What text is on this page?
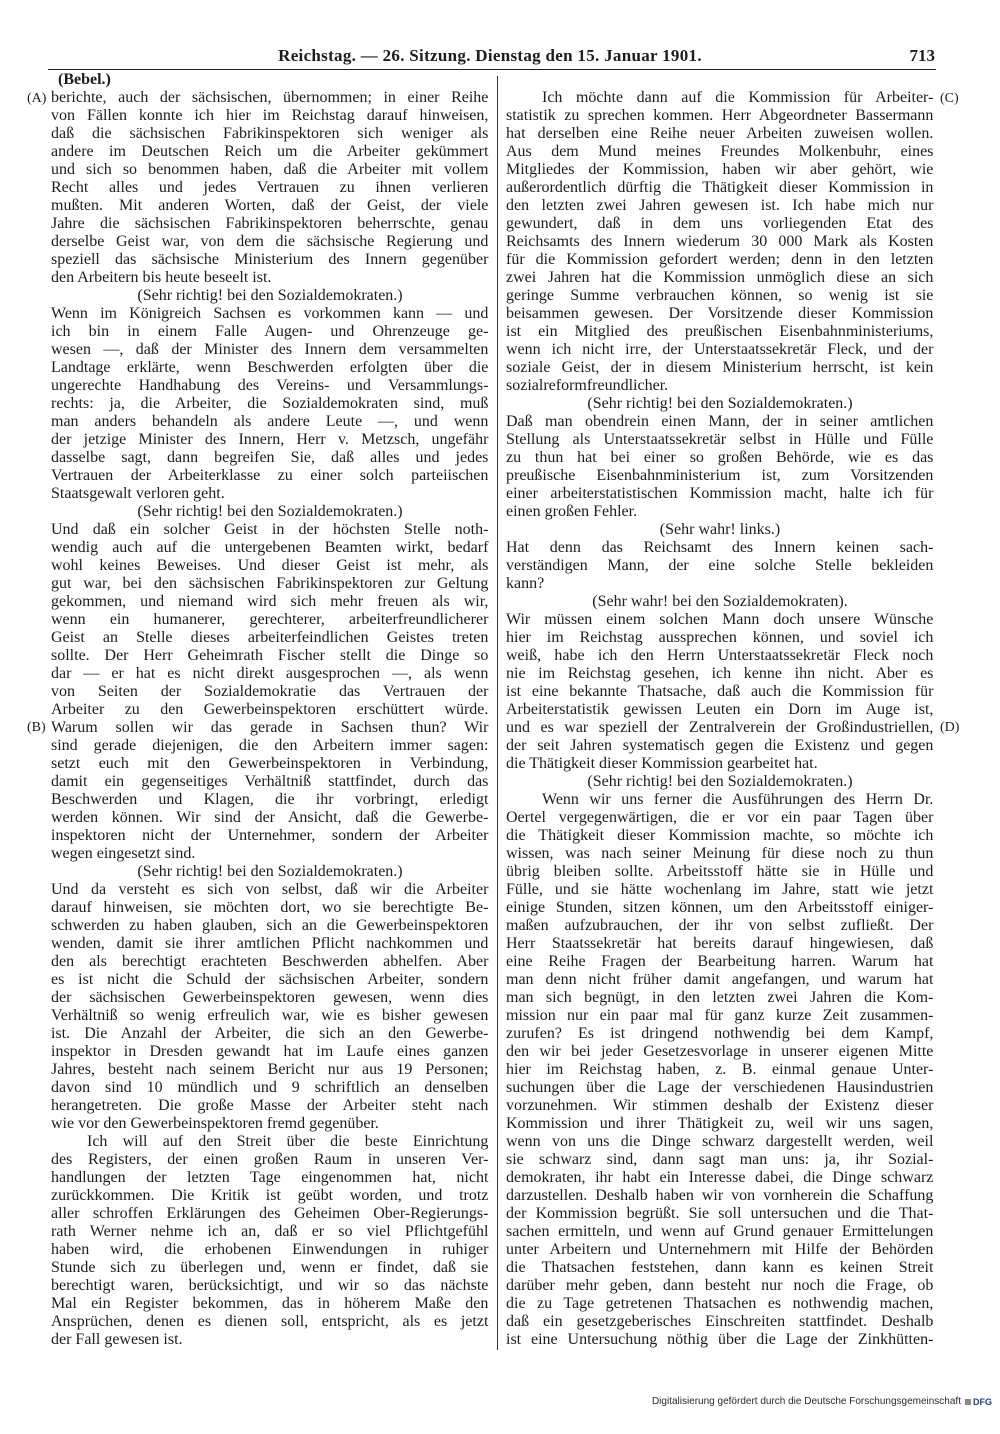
Reichstag. — 26. Sitzung. Dienstag den 15. Januar 1901.	713
(A)
(B)
(C)
(D)
(Bebel.)
berichte, auch der sächsischen, übernommen; in einer Reihe
von Fällen konnte ich hier im Reichstag darauf hinweisen,
daß die sächsischen Fabrikinspektoren sich weniger als
andere im Deutschen Reich um die Arbeiter gekümmert
und sich so benommen haben, daß die Arbeiter mit vollem
Recht alles und jedes Vertrauen zu ihnen verlieren
mußten. Mit anderen Worten, daß der Geist, der viele
Jahre die sächsischen Fabrikinspektoren beherrschte, genau
derselbe Geist war, von dem die sächsische Regierung und
speziell das sächsische Ministerium des Innern gegenüber
den Arbeitern bis heute beseelt ist.
(Sehr richtig! bei den Sozialdemokraten.)
Wenn im Königreich Sachsen es vorkommen kann — und
ich bin in einem Falle Augen- und Ohrenzeuge ge-
wesen —, daß der Minister des Innern dem versammelten
Landtage erklärte, wenn Beschwerden erfolgten über die
ungerechte Handhabung des Vereins- und Versammlungs-
rechts: ja, die Arbeiter, die Sozialdemokraten sind, muß
man anders behandeln als andere Leute —, und wenn
der jetzige Minister des Innern, Herr v. Metzsch, ungefähr
dasselbe sagt, dann begreifen Sie, daß alles und jedes
Vertrauen der Arbeiterklasse zu einer solch parteiischen
Staatsgewalt verloren geht.
(Sehr richtig! bei den Sozialdemokraten.)
Und daß ein solcher Geist in der höchsten Stelle noth-
wendig auch auf die untergebenen Beamten wirkt, bedarf
wohl keines Beweises. Und dieser Geist ist mehr, als
gut war, bei den sächsischen Fabrikinspektoren zur Geltung
gekommen, und niemand wird sich mehr freuen als wir,
wenn ein humanerer, gerechterer, arbeiterfreundlicherer
Geist an Stelle dieses arbeiterfeindlichen Geistes treten
sollte. Der Herr Geheimrath Fischer stellt die Dinge so
dar — er hat es nicht direkt ausgesprochen —, als wenn
von Seiten der Sozialdemokratie das Vertrauen der
Arbeiter zu den Gewerbeinspektoren erschüttert würde.
Warum sollen wir das gerade in Sachsen thun? Wir
sind gerade diejenigen, die den Arbeitern immer sagen:
setzt euch mit den Gewerbeinspektoren in Verbindung,
damit ein gegenseitiges Verhältniß stattfindet, durch das
Beschwerden und Klagen, die ihr vorbringt, erledigt
werden können. Wir sind der Ansicht, daß die Gewerbe-
inspektoren nicht der Unternehmer, sondern der Arbeiter
wegen eingesetzt sind.
(Sehr richtig! bei den Sozialdemokraten.)
Und da versteht es sich von selbst, daß wir die Arbeiter
darauf hinweisen, sie möchten dort, wo sie berechtigte Be-
schwerden zu haben glauben, sich an die Gewerbeinspektoren
wenden, damit sie ihrer amtlichen Pflicht nachkommen und
den als berechtigt erachteten Beschwerden abhelfen. Aber
es ist nicht die Schuld der sächsischen Arbeiter, sondern
der sächsischen Gewerbeinspektoren gewesen, wenn dies
Verhältniß so wenig erfreulich war, wie es bisher gewesen
ist. Die Anzahl der Arbeiter, die sich an den Gewerbe-
inspektor in Dresden gewandt hat im Laufe eines ganzen
Jahres, besteht nach seinem Bericht nur aus 19 Personen;
davon sind 10 mündlich und 9 schriftlich an denselben
herangetreten. Die große Masse der Arbeiter steht nach
wie vor den Gewerbeinspektoren fremd gegenüber.
Ich will auf den Streit über die beste Einrichtung
des Registers, der einen großen Raum in unseren Ver-
handlungen der letzten Tage eingenommen hat, nicht
zurückkommen. Die Kritik ist geübt worden, und trotz
aller schroffen Erklärungen des Geheimen Ober-Regierungs-
rath Werner nehme ich an, daß er so viel Pflichtgefühl
haben wird, die erhobenen Einwendungen in ruhiger
Stunde sich zu überlegen und, wenn er findet, daß sie
berechtigt waren, berücksichtigt, und wir so das nächste
Mal ein Register bekommen, das in höherem Maße den
Ansprüchen, denen es dienen soll, entspricht, als es jetzt
der Fall gewesen ist.
Ich möchte dann auf die Kommission für Arbeiter-
statistik zu sprechen kommen. Herr Abgeordneter Bassermann
hat derselben eine Reihe neuer Arbeiten zuweisen wollen.
Aus dem Mund meines Freundes Molkenbuhr, eines
Mitgliedes der Kommission, haben wir aber gehört, wie
außerordentlich dürftig die Thätigkeit dieser Kommission in
den letzten zwei Jahren gewesen ist. Ich habe mich nur
gewundert, daß in dem uns vorliegenden Etat des
Reichsamts des Innern wiederum 30 000 Mark als Kosten
für die Kommission gefordert werden; denn in den letzten
zwei Jahren hat die Kommission unmöglich diese an sich
geringe Summe verbrauchen können, so wenig ist sie
beisammen gewesen. Der Vorsitzende dieser Kommission
ist ein Mitglied des preußischen Eisenbahnministeriums,
wenn ich nicht irre, der Unterstaatssekretär Fleck, und der
soziale Geist, der in diesem Ministerium herrscht, ist kein
sozialreformfreundlicher.
(Sehr richtig! bei den Sozialdemokraten.)
Daß man obendrein einen Mann, der in seiner amtlichen
Stellung als Unterstaatssekretär selbst in Hülle und Fülle
zu thun hat bei einer so großen Behörde, wie es das
preußische Eisenbahnministerium ist, zum Vorsitzenden
einer arbeiterstatistischen Kommission macht, halte ich für
einen großen Fehler.
(Sehr wahr! links.)
Hat denn das Reichsamt des Innern keinen sach-
verständigen Mann, der eine solche Stelle bekleiden
kann?
(Sehr wahr! bei den Sozialdemokraten).
Wir müssen einem solchen Mann doch unsere Wünsche
hier im Reichstag aussprechen können, und soviel ich
weiß, habe ich den Herrn Unterstaatssekretär Fleck noch
nie im Reichstag gesehen, ich kenne ihn nicht. Aber es
ist eine bekannte Thatsache, daß auch die Kommission für
Arbeiterstatistik gewissen Leuten ein Dorn im Auge ist,
und es war speziell der Zentralverein der Großindustriellen,
der seit Jahren systematisch gegen die Existenz und gegen
die Thätigkeit dieser Kommission gearbeitet hat.
(Sehr richtig! bei den Sozialdemokraten.)
Wenn wir uns ferner die Ausführungen des Herrn Dr.
Oertel vergegenwärtigen, die er vor ein paar Tagen über
die Thätigkeit dieser Kommission machte, so möchte ich
wissen, was nach seiner Meinung für diese noch zu thun
übrig bleiben sollte. Arbeitsstoff hätte sie in Hülle und
Fülle, und sie hätte wochenlang im Jahre, statt wie jetzt
einige Stunden, sitzen können, um den Arbeitsstoff einiger-
maßen aufzubrauchen, der ihr von selbst zufließt. Der
Herr Staatssekretär hat bereits darauf hingewiesen, daß
eine Reihe Fragen der Bearbeitung harren. Warum hat
man denn nicht früher damit angefangen, und warum hat
man sich begnügt, in den letzten zwei Jahren die Kom-
mission nur ein paar mal für ganz kurze Zeit zusammen-
zurufen? Es ist dringend nothwendig bei dem Kampf,
den wir bei jeder Gesetzesvorlage in unserer eigenen Mitte
hier im Reichstag haben, z. B. einmal genaue Unter-
suchungen über die Lage der verschiedenen Hausindustrien
vorzunehmen. Wir stimmen deshalb der Existenz dieser
Kommission und ihrer Thätigkeit zu, weil wir uns sagen,
wenn von uns die Dinge schwarz dargestellt werden, weil
sie schwarz sind, dann sagt man uns: ja, ihr Sozial-
demokraten, ihr habt ein Interesse dabei, die Dinge schwarz
darzustellen. Deshalb haben wir von vornherein die Schaffung
der Kommission begrüßt. Sie soll untersuchen und die That-
sachen ermitteln, und wenn auf Grund genauer Ermittelungen
unter Arbeitern und Unternehmern mit Hilfe der Behörden
die Thatsachen feststehen, dann kann es keinen Streit
darüber mehr geben, dann besteht nur noch die Frage, ob
die zu Tage getretenen Thatsachen es nothwendig machen,
daß ein gesetzgeberisches Einschreiten stattfindet. Deshalb
ist eine Untersuchung nöthig über die Lage der Zinkhütten-
Digitalisierung gefördert durch die Deutsche Forschungsgemeinschaft DFG
